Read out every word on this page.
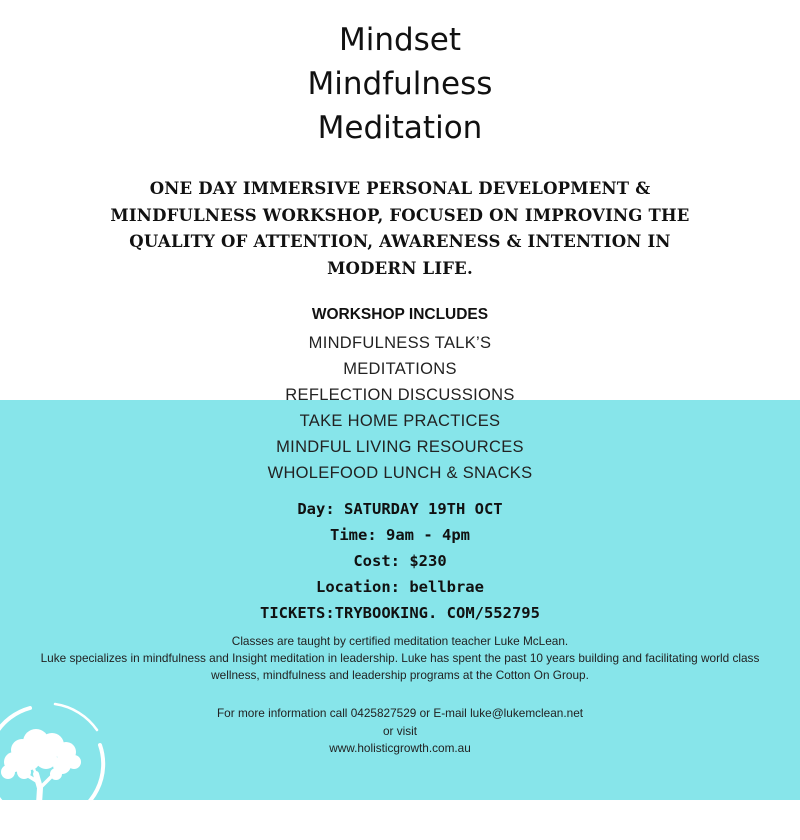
Mindset
Mindfulness
Meditation
ONE DAY IMMERSIVE PERSONAL DEVELOPMENT & MINDFULNESS WORKSHOP, FOCUSED ON IMPROVING THE QUALITY OF ATTENTION, AWARENESS & INTENTION IN MODERN LIFE.
WORKSHOP INCLUDES
MINDFULNESS TALK’S
MEDITATIONS
REFLECTION DISCUSSIONS
TAKE HOME PRACTICES
MINDFUL LIVING RESOURCES
WHOLEFOOD LUNCH & SNACKS
Day: SATURDAY 19TH OCT
Time: 9am - 4pm
Cost: $230
Location: bellbrae
TICKETS:TRYBOOKING. COM/552795

Classes are taught by certified meditation teacher Luke McLean.

Luke specializes in mindfulness and Insight meditation in leadership. Luke has spent the past 10 years building and facilitating world class wellness, mindfulness and leadership programs at the Cotton On Group.

For more information call 0425827529 or E-mail luke@lukemclean.net

or visit

www.holisticgrowth.com.au
